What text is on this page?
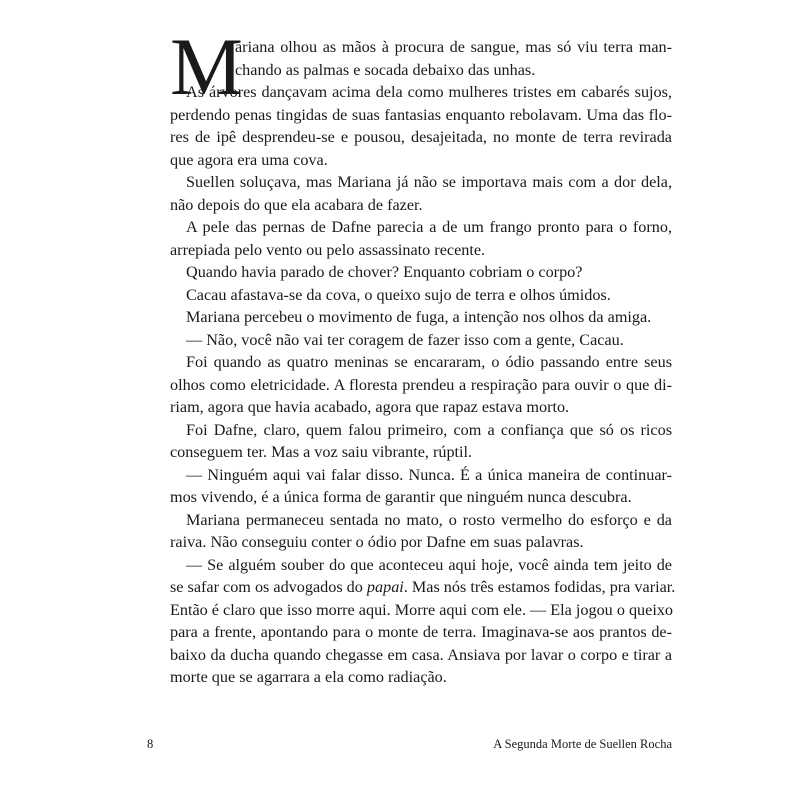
M
ariana olhou as mãos à procura de sangue, mas só viu terra man-
chando as palmas e socada debaixo das unhas.
As árvores dançavam acima dela como mulheres tristes em cabarés sujos,
perdendo penas tingidas de suas fantasias enquanto rebolavam. Uma das flo-
res de ipê desprendeu-se e pousou, desajeitada, no monte de terra revirada
que agora era uma cova.
Suellen soluçava, mas Mariana já não se importava mais com a dor dela,
não depois do que ela acabara de fazer.
A pele das pernas de Dafne parecia a de um frango pronto para o forno,
arrepiada pelo vento ou pelo assassinato recente.
Quando havia parado de chover? Enquanto cobriam o corpo?
Cacau afastava-se da cova, o queixo sujo de terra e olhos úmidos.
Mariana percebeu o movimento de fuga, a intenção nos olhos da amiga.
— Não, você não vai ter coragem de fazer isso com a gente, Cacau.
Foi quando as quatro meninas se encararam, o ódio passando entre seus
olhos como eletricidade. A floresta prendeu a respiração para ouvir o que di-
riam, agora que havia acabado, agora que rapaz estava morto.
Foi Dafne, claro, quem falou primeiro, com a confiança que só os ricos
conseguem ter. Mas a voz saiu vibrante, rúptil.
— Ninguém aqui vai falar disso. Nunca. É a única maneira de continuar-
mos vivendo, é a única forma de garantir que ninguém nunca descubra.
Mariana permaneceu sentada no mato, o rosto vermelho do esforço e da
raiva. Não conseguiu conter o ódio por Dafne em suas palavras.
— Se alguém souber do que aconteceu aqui hoje, você ainda tem jeito de
se safar com os advogados do papai. Mas nós três estamos fodidas, pra variar.
Então é claro que isso morre aqui. Morre aqui com ele. — Ela jogou o queixo
para a frente, apontando para o monte de terra. Imaginava-se aos prantos de-
baixo da ducha quando chegasse em casa. Ansiava por lavar o corpo e tirar a
morte que se agarrara a ela como radiação.
8	A Segunda Morte de Suellen Rocha
